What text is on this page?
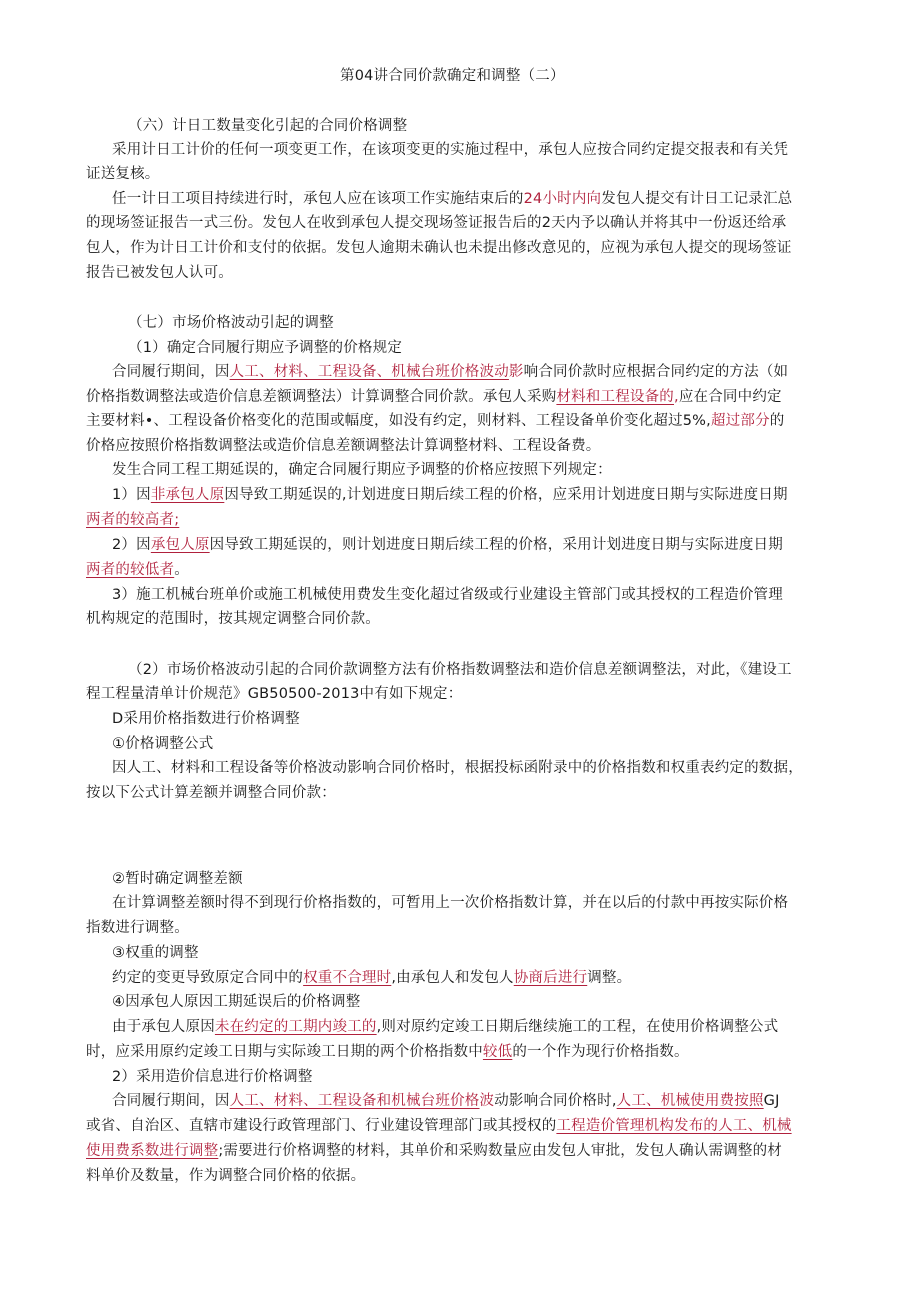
第04讲合同价款确定和调整（二）
（六）计日工数量变化引起的合同价格调整
采用计日工计价的任何一项变更工作，在该项变更的实施过程中，承包人应按合同约定提交报表和有关凭
证送复核。
任一计日工项目持续进行时，承包人应在该项工作实施结束后的24小时内向发包人提交有计日工记录汇总
的现场签证报告一式三份。发包人在收到承包人提交现场签证报告后的2天内予以确认并将其中一份返还给承
包人，作为计日工计价和支付的依据。发包人逾期未确认也未提出修改意见的，应视为承包人提交的现场签证
报告已被发包人认可。
（七）市场价格波动引起的调整
（1）确定合同履行期应予调整的价格规定
合同履行期间，因人工、材料、工程设备、机械台班价格波动影响合同价款时应根据合同约定的方法（如
价格指数调整法或造价信息差额调整法）计算调整合同价款。承包人采购材料和工程设备的,应在合同中约定
主要材料•、工程设备价格变化的范围或幅度，如没有约定，则材料、工程设备单价变化超过5%,超过部分的
价格应按照价格指数调整法或造价信息差额调整法计算调整材料、工程设备费。
发生合同工程工期延误的，确定合同履行期应予调整的价格应按照下列规定：
1）因非承包人原因导致工期延误的,计划进度日期后续工程的价格，应采用计划进度日期与实际进度日期
两者的较高者;
2）因承包人原因导致工期延误的，则计划进度日期后续工程的价格，采用计划进度日期与实际进度日期
两者的较低者。
3）施工机械台班单价或施工机械使用费发生变化超过省级或行业建设主管部门或其授权的工程造价管理
机构规定的范围时，按其规定调整合同价款。
（2）市场价格波动引起的合同价款调整方法有价格指数调整法和造价信息差额调整法，对此，《建设工
程工程量清单计价规范》GB50500-2013中有如下规定：
D采用价格指数进行价格调整
①价格调整公式
因人工、材料和工程设备等价格波动影响合同价格时，根据投标函附录中的价格指数和权重表约定的数据，
按以下公式计算差额并调整合同价款：
②暂时确定调整差额
在计算调整差额时得不到现行价格指数的，可暂用上一次价格指数计算，并在以后的付款中再按实际价格
指数进行调整。
③权重的调整
约定的变更导致原定合同中的权重不合理时,由承包人和发包人协商后进行调整。
④因承包人原因工期延误后的价格调整
由于承包人原因未在约定的工期内竣工的,则对原约定竣工日期后继续施工的工程，在使用价格调整公式
时，应采用原约定竣工日期与实际竣工日期的两个价格指数中较低的一个作为现行价格指数。
2）采用造价信息进行价格调整
合同履行期间，因人工、材料、工程设备和机械台班价格波动影响合同价格时,人工、机械使用费按照GJ
或省、自治区、直辖市建设行政管理部门、行业建设管理部门或其授权的工程造价管理机构发布的人工、机械
使用费系数进行调整;需要进行价格调整的材料，其单价和采购数量应由发包人审批，发包人确认需调整的材
料单价及数量，作为调整合同价格的依据。
